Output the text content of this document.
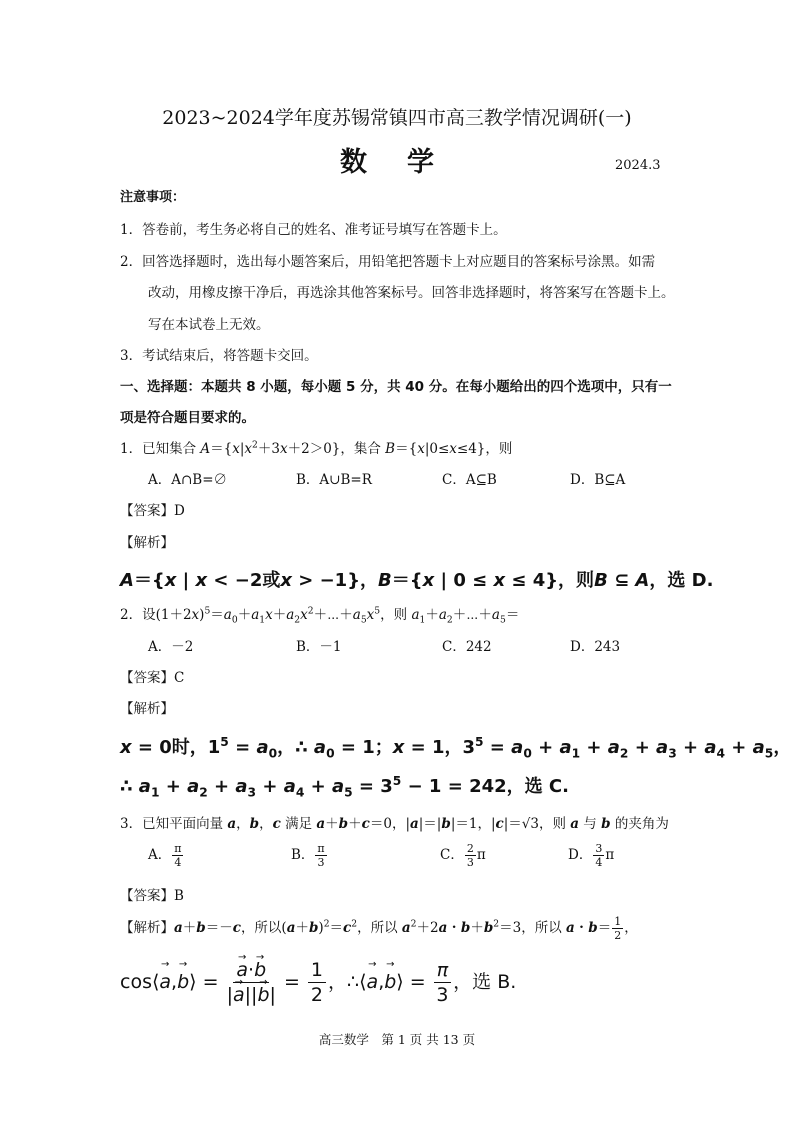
2023~2024学年度苏锡常镇四市高三教学情况调研(一)
数学	2024.3
注意事项：
1．答卷前，考生务必将自己的姓名、准考证号填写在答题卡上。
2．回答选择题时，选出每小题答案后，用铅笔把答题卡上对应题目的答案标号涂黑。如需
改动，用橡皮擦干净后，再选涂其他答案标号。回答非选择题时，将答案写在答题卡上。
写在本试卷上无效。
3．考试结束后，将答题卡交回。
一、选择题：本题共 8 小题，每小题 5 分，共 40 分。在每小题给出的四个选项中，只有一
项是符合题目要求的。
1．已知集合 $A=\{x|x^2+3x+2>0\}$，集合 B＝{x|0≤x≤4}，则
A．A∩B=∅	B．A∪B=R	C．A⊆B	D．B⊆A
【答案】D
【解析】
A＝{x | x < −2或x > −1}，B＝{x | 0 ≤ x ≤ 4}，则B ⊆ A，选 D.
2．设$(1+2x)^5=a_0+a_1x+a_2x^2+\cdots+a_5x^5$，则 $a_1+a_2+\cdots+a_5=$
A．－2	B．－1	C．242	D．243
【答案】C
【解析】
x = 0时，$1^5 = a_0$，∴ $a_0 = 1$；x = 1，$3^5 = a_0 + a_1 + a_2 + a_3 + a_4 + a_5$，
∴ $a_1 + a_2 + a_3 + a_4 + a_5 = 3^5 - 1 = 242$，选 C.
3．已知平面向量 a，b，c 满足 a＋b＋c＝0，|a|＝|b|＝1，|c|＝√3，则 a 与 b 的夹角为
A． $\frac{\pi}{4}$	B． $\frac{\pi}{3}$	C． $\frac{2}{3}$ π	D． $\frac{3}{4}$ π
【答案】B
【解析】a＋b＝－c，所以$(a+b)^2=c^2$，所以 $a^2+2a$・$b+b^2=3$，所以 a・$b= \frac{1}{2}$ ，
cos⟨→ a,→ b⟩ =
→ $\frac{a\cdot\to b}{|\to a||\to b|} = \frac{1}{2}$ ，∴⟨→ a,→ b⟩ = $\frac{\pi}{3}$ ，选 B.
高三数学　第 1 页 共 13 页
